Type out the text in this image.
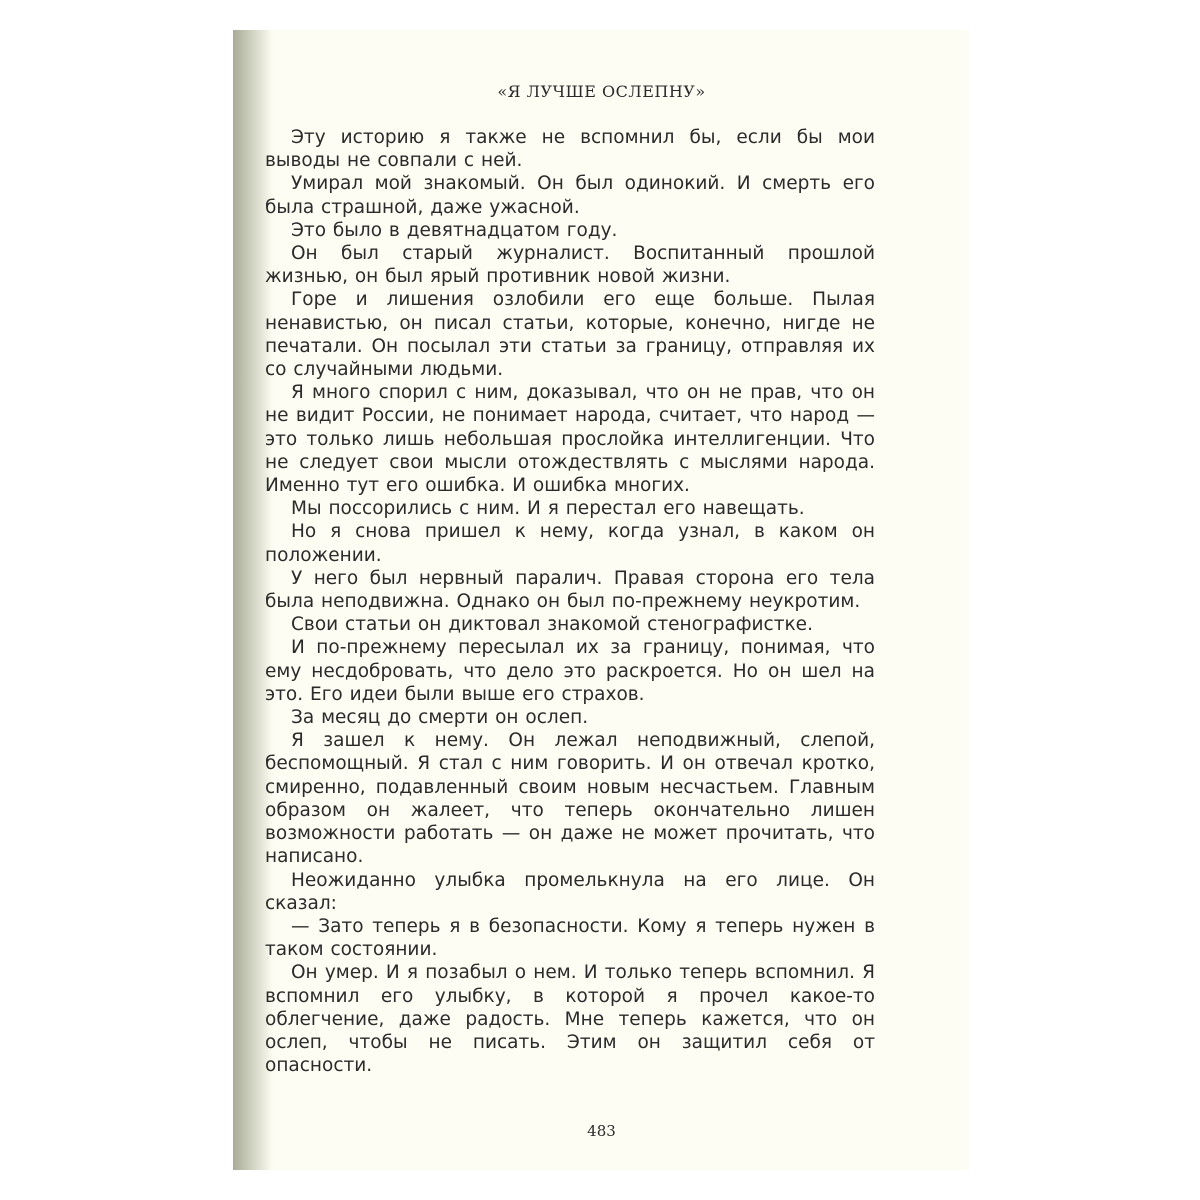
«Я ЛУЧШЕ ОСЛЕПНУ»

Эту историю я также не вспомнил бы, если бы мои выводы не совпали с ней.

Умирал мой знакомый. Он был одинокий. И смерть его была страшной, даже ужасной.

Это было в девятнадцатом году.

Он был старый журналист. Воспитанный прошлой жизнью, он был ярый противник новой жизни.

Горе и лишения озлобили его еще больше. Пылая ненавистью, он писал статьи, которые, конечно, нигде не печатали. Он посылал эти статьи за границу, отправляя их со случайными людьми.

Я много спорил с ним, доказывал, что он не прав, что он не видит России, не понимает народа, считает, что народ — это только лишь небольшая прослойка интеллигенции. Что не следует свои мысли отождествлять с мыслями народа. Именно тут его ошибка. И ошибка многих.

Мы поссорились с ним. И я перестал его навещать.

Но я снова пришел к нему, когда узнал, в каком он положении.

У него был нервный паралич. Правая сторона его тела была неподвижна. Однако он был по-прежнему неукротим.

Свои статьи он диктовал знакомой стенографистке.

И по-прежнему пересылал их за границу, понимая, что ему несдобровать, что дело это раскроется. Но он шел на это. Его идеи были выше его страхов.

За месяц до смерти он ослеп.

Я зашел к нему. Он лежал неподвижный, слепой, беспомощный. Я стал с ним говорить. И он отвечал кротко, смиренно, подавленный своим новым несчастьем. Главным образом он жалеет, что теперь окончательно лишен возможности работать — он даже не может прочитать, что написано.

Неожиданно улыбка промелькнула на его лице. Он сказал:

— Зато теперь я в безопасности. Кому я теперь нужен в таком состоянии.

Он умер. И я позабыл о нем. И только теперь вспомнил. Я вспомнил его улыбку, в которой я прочел какое-то облегчение, даже радость. Мне теперь кажется, что он ослеп, чтобы не писать. Этим он защитил себя от опасности.

483
